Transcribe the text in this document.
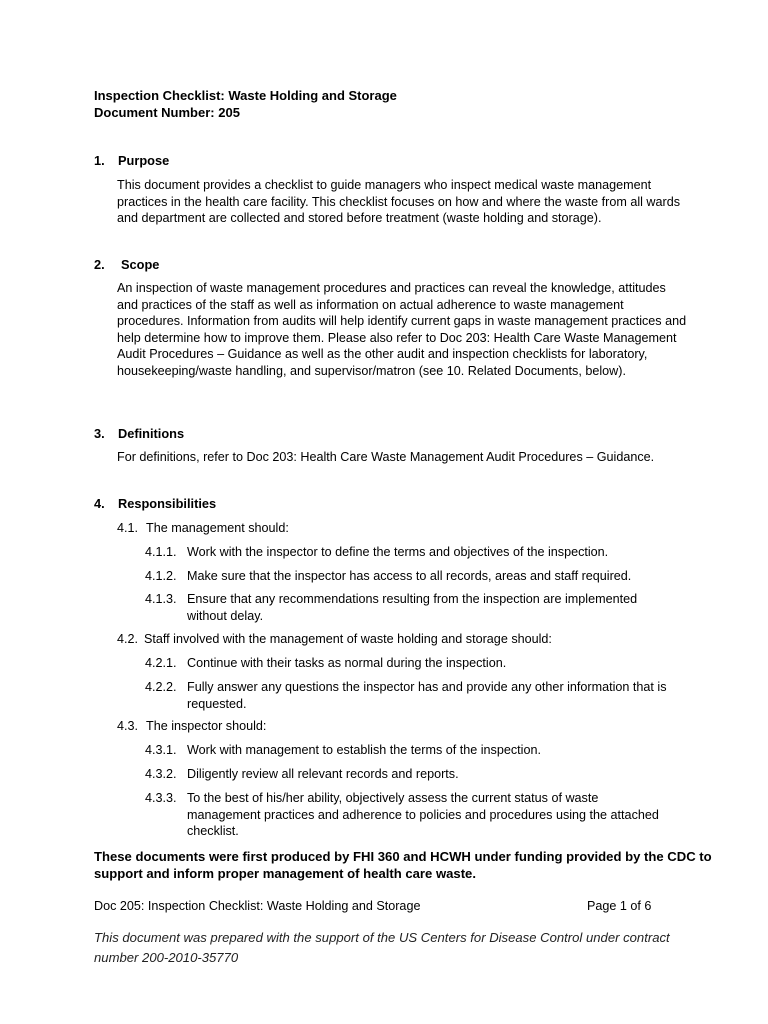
Inspection Checklist: Waste Holding and Storage
Document Number: 205
1. Purpose
This document provides a checklist to guide managers who inspect medical waste management practices in the health care facility. This checklist focuses on how and where the waste from all wards and department are collected and stored before treatment (waste holding and storage).
2. Scope
An inspection of waste management procedures and practices can reveal the knowledge, attitudes and practices of the staff as well as information on actual adherence to waste management procedures. Information from audits will help identify current gaps in waste management practices and help determine how to improve them. Please also refer to Doc 203: Health Care Waste Management Audit Procedures – Guidance as well as the other audit and inspection checklists for laboratory, housekeeping/waste handling, and supervisor/matron (see 10. Related Documents, below).
3. Definitions
For definitions, refer to Doc 203: Health Care Waste Management Audit Procedures – Guidance.
4. Responsibilities
4.1. The management should:
4.1.1. Work with the inspector to define the terms and objectives of the inspection.
4.1.2. Make sure that the inspector has access to all records, areas and staff required.
4.1.3. Ensure that any recommendations resulting from the inspection are implemented without delay.
4.2. Staff involved with the management of waste holding and storage should:
4.2.1. Continue with their tasks as normal during the inspection.
4.2.2. Fully answer any questions the inspector has and provide any other information that is requested.
4.3. The inspector should:
4.3.1. Work with management to establish the terms of the inspection.
4.3.2. Diligently review all relevant records and reports.
4.3.3. To the best of his/her ability, objectively assess the current status of waste management practices and adherence to policies and procedures using the attached checklist.
These documents were first produced by FHI 360 and HCWH under funding provided by the CDC to support and inform proper management of health care waste.
Doc 205: Inspection Checklist: Waste Holding and Storage	Page 1 of 6
This document was prepared with the support of the US Centers for Disease Control under contract number 200-2010-35770
